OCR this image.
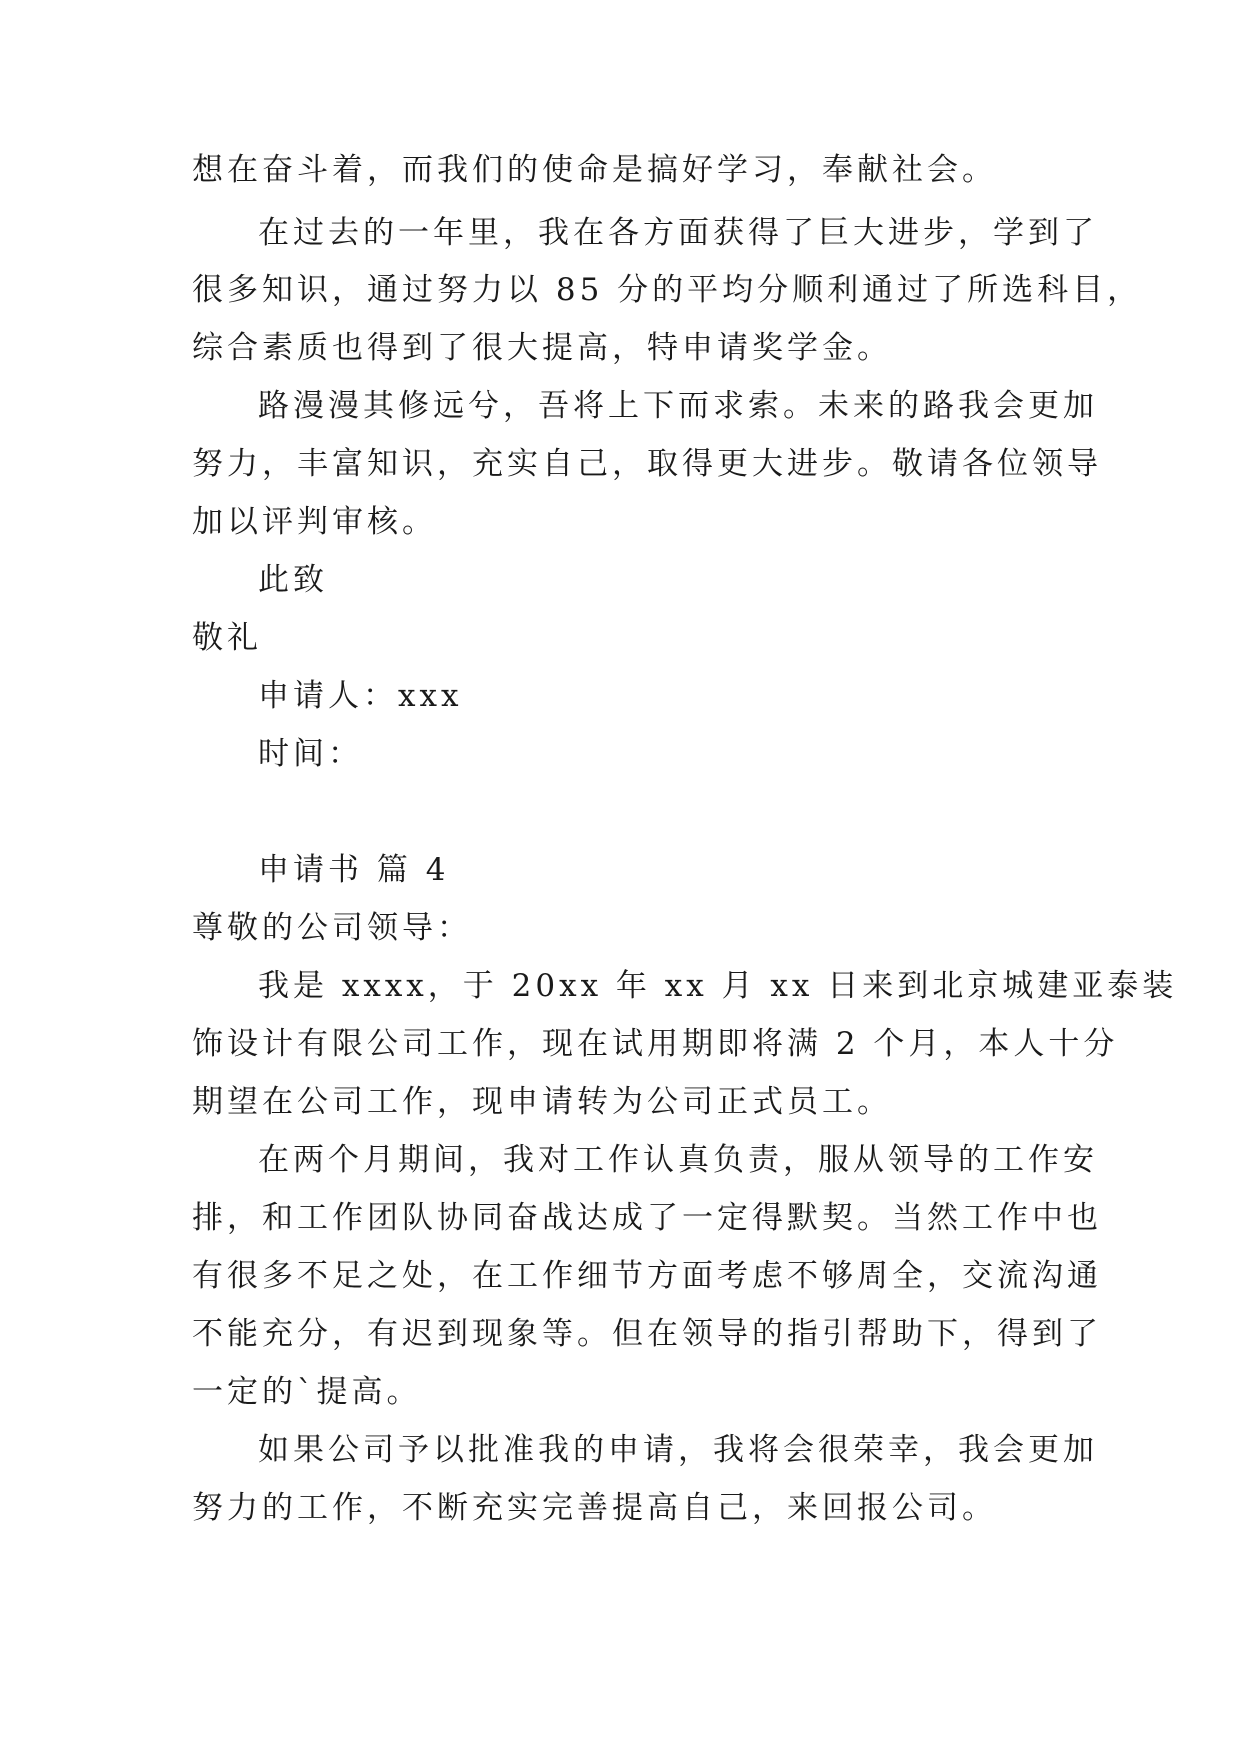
想在奋斗着，而我们的使命是搞好学习，奉献社会。
在过去的一年里，我在各方面获得了巨大进步，学到了
很多知识，通过努力以 85 分的平均分顺利通过了所选科目，
综合素质也得到了很大提高，特申请奖学金。
路漫漫其修远兮，吾将上下而求索。未来的路我会更加
努力，丰富知识，充实自己，取得更大进步。敬请各位领导
加以评判审核。
此致
敬礼
申请人：xxx
时间：
申请书 篇 4
尊敬的公司领导：
我是 xxxx，于 20xx 年 xx 月 xx 日来到北京城建亚泰装
饰设计有限公司工作，现在试用期即将满 2 个月，本人十分
期望在公司工作，现申请转为公司正式员工。
在两个月期间，我对工作认真负责，服从领导的工作安
排，和工作团队协同奋战达成了一定得默契。当然工作中也
有很多不足之处，在工作细节方面考虑不够周全，交流沟通
不能充分，有迟到现象等。但在领导的指引帮助下，得到了
一定的`提高。
如果公司予以批准我的申请，我将会很荣幸，我会更加
努力的工作，不断充实完善提高自己，来回报公司。
